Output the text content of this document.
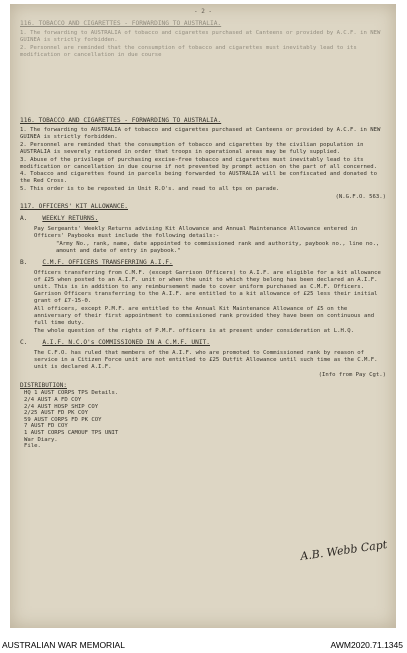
- 2 -
116. TOBACCO AND CIGARETTES - FORWARDING TO AUSTRALIA.
1. The forwarding to AUSTRALIA of tobacco and cigarettes purchased at Canteens or provided by A.C.F. in NEW GUINEA is strictly forbidden.
2. Personnel are reminded that the consumption of tobacco and cigarettes must inevitably lead to its modification or cancellation in due course
116. TOBACCO AND CIGARETTES - FORWARDING TO AUSTRALIA.
1. The forwarding to AUSTRALIA of tobacco and cigarettes purchased at Canteens or provided by A.C.F. in NEW GUINEA is strictly forbidden.
2. Personnel are reminded that the consumption of tobacco and cigarettes by the civilian population in AUSTRALIA is severely rationed in order that troops in operational areas may be fully supplied.
3. Abuse of the privilege of purchasing excise-free tobacco and cigarettes must inevitably lead to its modification or cancellation in due course if not prevented by prompt action on the part of all concerned.
4. Tobacco and cigarettes found in parcels being forwarded to AUSTRALIA will be confiscated and donated to the Red Cross.
5. This order is to be reposted in Unit R.O's. and read to all tps on parade.
(N.G.F.O. 563.)
117. OFFICERS' KIT ALLOWANCE.
A. WEEKLY RETURNS.
Pay Sergeants' Weekly Returns advising Kit Allowance and Annual Maintenance Allowance entered in Officers' Paybooks must include the following details:-
"Army No., rank, name, date appointed to commissioned rank and authority, paybook no., line no., amount and date of entry in paybook."
B. C.M.F. OFFICERS TRANSFERRING A.I.F.
Officers transferring from C.M.F. (except Garrison Officers) to A.I.F. are eligible for a kit allowance of £25 when posted to an A.I.F. unit or when the unit to which they belong has been declared an A.I.F. unit. This is in addition to any reimbursement made to cover uniform purchased as C.M.F. Officers.
Garrison Officers transferring to the A.I.F. are entitled to a kit allowance of £25 less their initial grant of £7-15-0.
All officers, except P.M.F. are entitled to the Annual Kit Maintenance Allowance of £5 on the anniversary of their first appointment to commissioned rank provided they have been on continuous and full time duty.
The whole question of the rights of P.M.F. officers is at present under consideration at L.H.Q.
C. A.I.F. N.C.O's COMMISSIONED IN A C.M.F. UNIT.
The C.F.O. has ruled that members of the A.I.F. who are promoted to Commissioned rank by reason of service in a Citizen Force unit are not entitled to £25 Outfit Allowance until such time as the C.M.F. unit is declared A.I.F.
(Info from Pay Cgt.)
DISTRIBUTION:
HQ 1 AUST CORPS TPS Details.
2/4 AUST A FD COY
2/4 AUST HOSP SHIP COY
2/25 AUST FD PK COY
59 AUST CORPS FD PK COY
7 AUST FD COY
1 AUST CORPS CAMOUF TPS UNIT
War Diary.
File.
A.B. Webb Capt
AUSTRALIAN WAR MEMORIAL	AWM2020.71.1345
